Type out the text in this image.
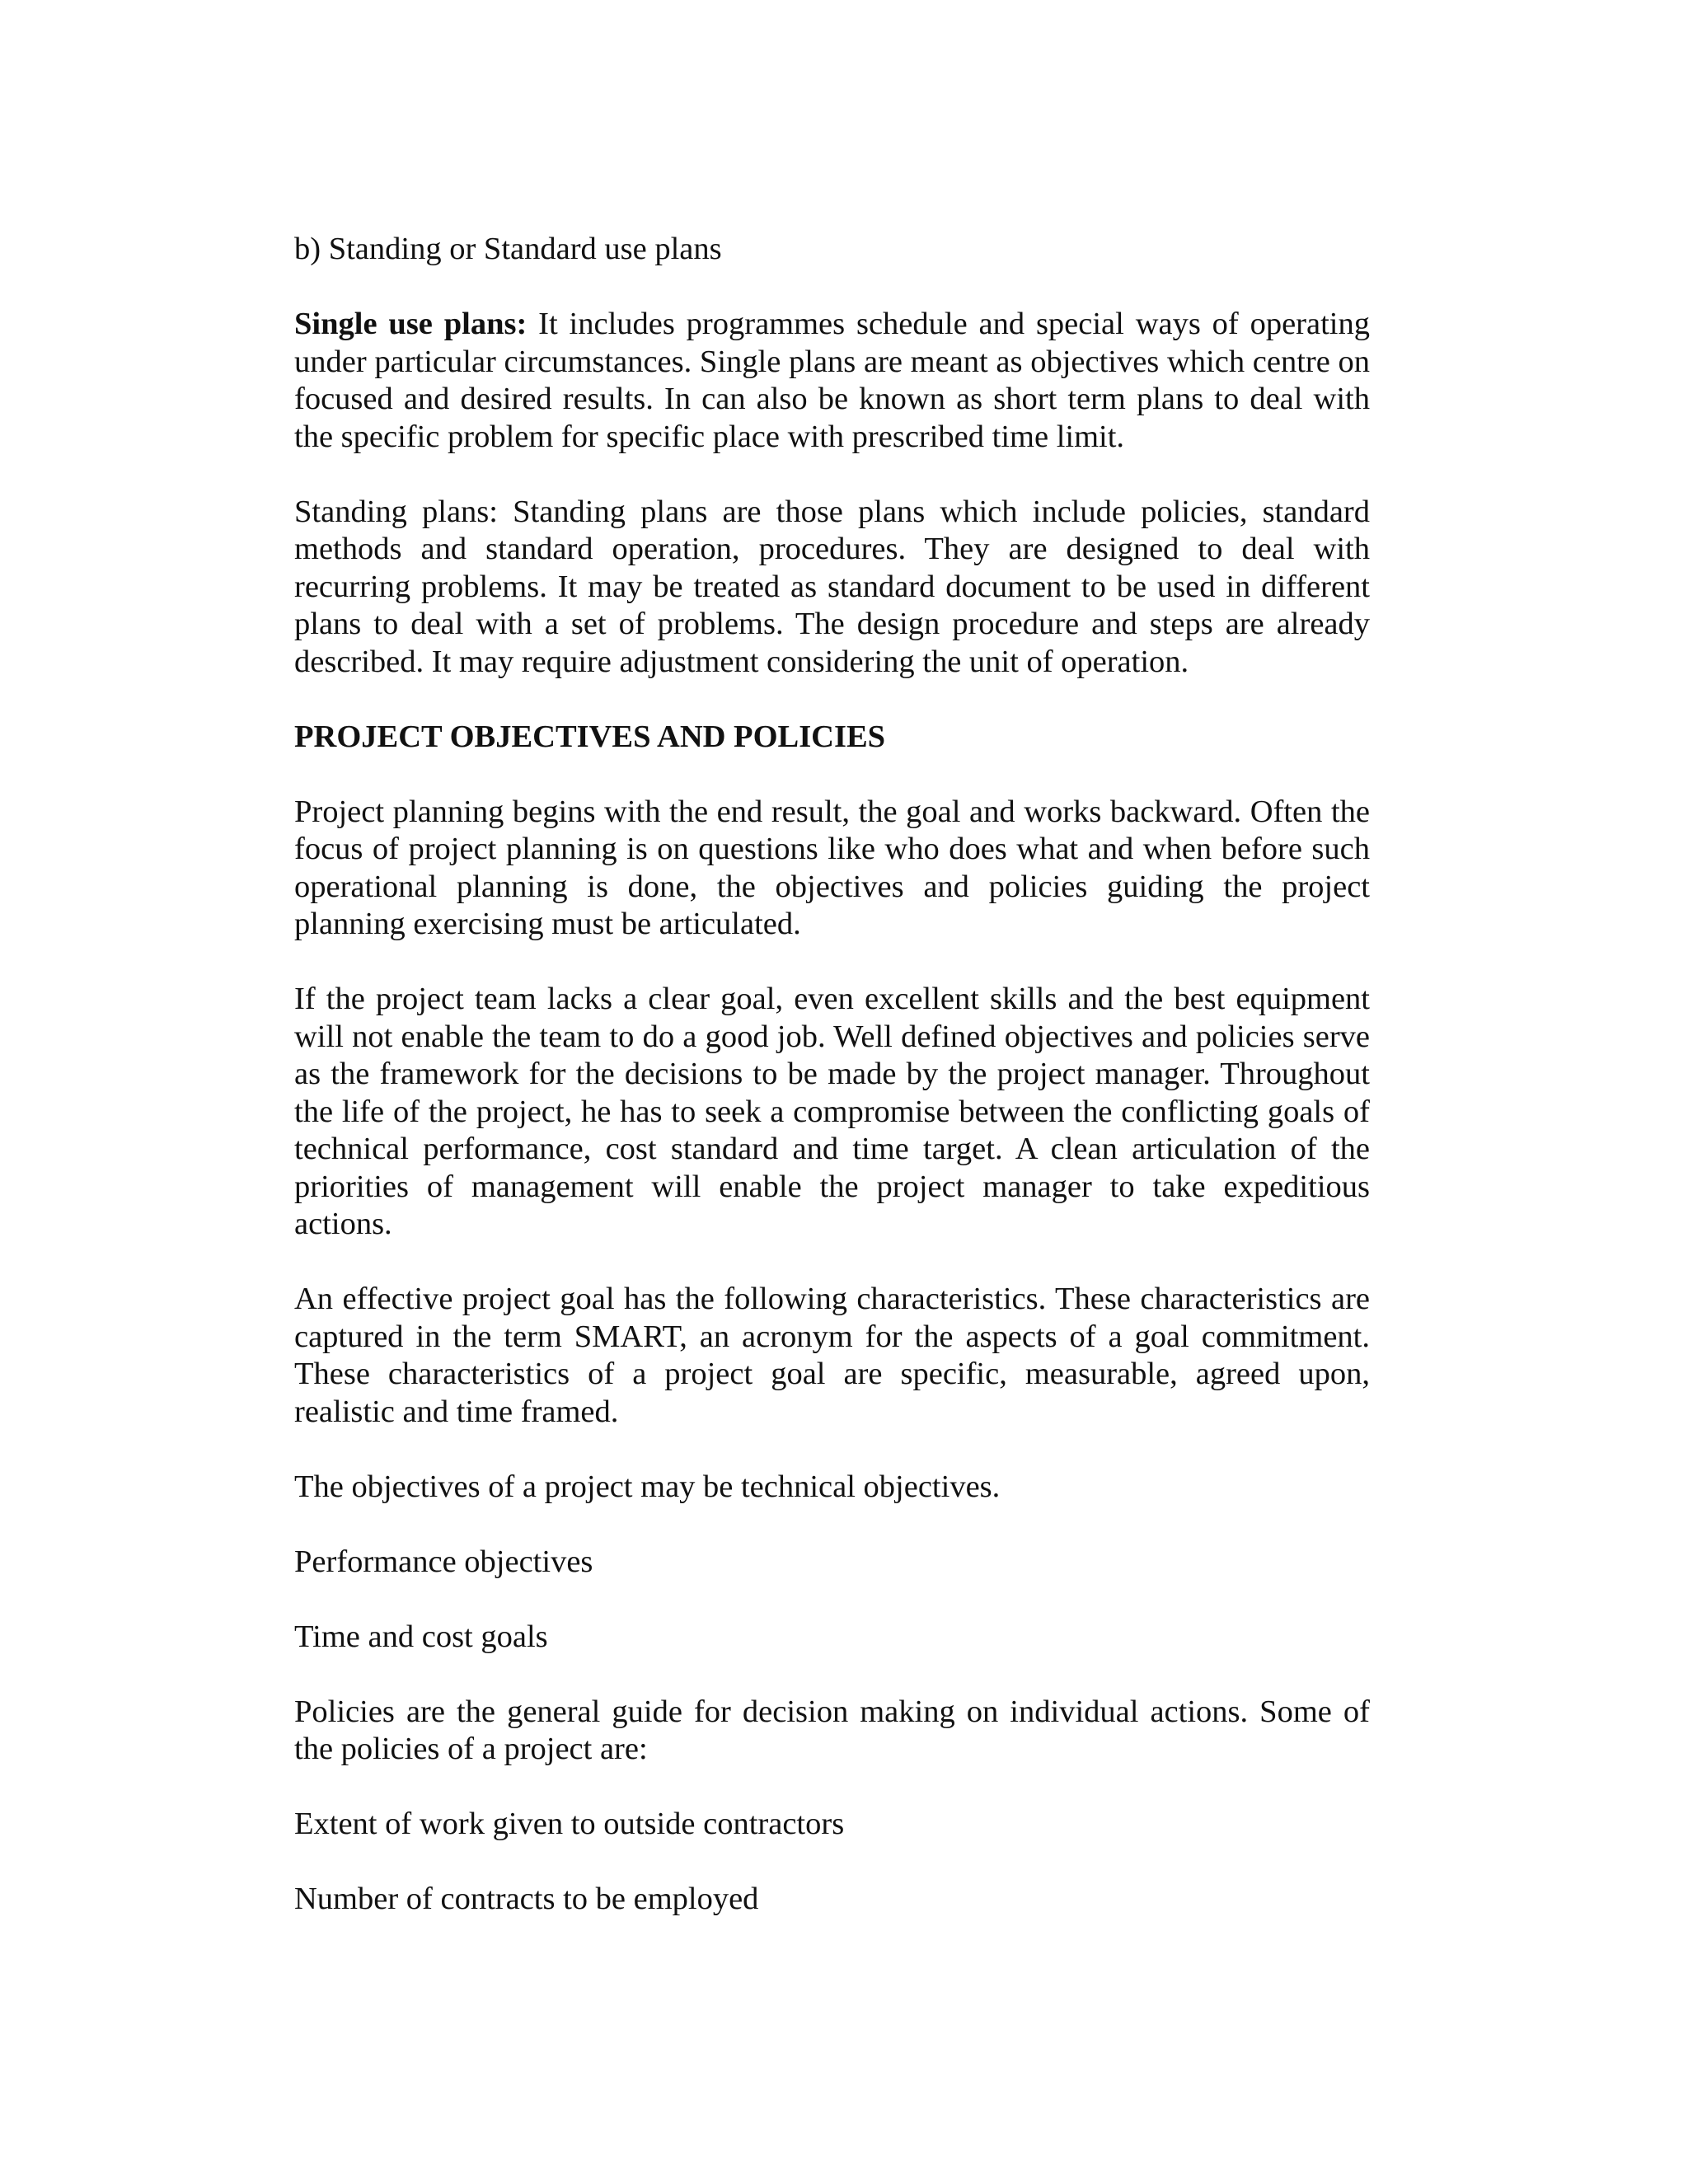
b) Standing or Standard use plans

Single use plans: It includes programmes schedule and special ways of operating under particular circumstances. Single plans are meant as objectives which centre on focused and desired results. In can also be known as short term plans to deal with the specific problem for specific place with prescribed time limit.

Standing plans: Standing plans are those plans which include policies, standard methods and standard operation, procedures. They are designed to deal with recurring problems. It may be treated as standard document to be used in different plans to deal with a set of problems. The design procedure and steps are already described. It may require adjustment considering the unit of operation.

PROJECT OBJECTIVES AND POLICIES

Project planning begins with the end result, the goal and works backward. Often the focus of project planning is on questions like who does what and when before such operational planning is done, the objectives and policies guiding the project planning exercising must be articulated.

If the project team lacks a clear goal, even excellent skills and the best equipment will not enable the team to do a good job. Well defined objectives and policies serve as the framework for the decisions to be made by the project manager. Throughout the life of the project, he has to seek a compromise between the conflicting goals of technical performance, cost standard and time target. A clean articulation of the priorities of management will enable the project manager to take expeditious actions.

An effective project goal has the following characteristics. These characteristics are captured in the term SMART, an acronym for the aspects of a goal commitment. These characteristics of a project goal are specific, measurable, agreed upon, realistic and time framed.

The objectives of a project may be technical objectives.

Performance objectives

Time and cost goals

Policies are the general guide for decision making on individual actions. Some of the policies of a project are:

Extent of work given to outside contractors

Number of contracts to be employed
